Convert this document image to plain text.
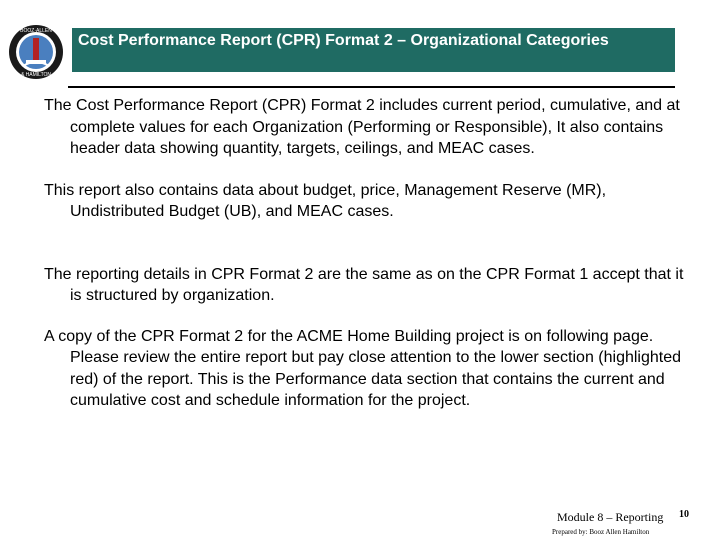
BOOZ·ALLEN
& HAMILTON
Cost Performance Report (CPR) Format 2 – Organizational Categories

The Cost Performance Report (CPR) Format 2 includes current period, cumulative, and at complete values for each Organization (Performing or Responsible), It also contains header data showing quantity, targets, ceilings, and MEAC cases.

This report also contains data about budget, price, Management Reserve (MR), Undistributed Budget (UB), and MEAC cases.

The reporting details in CPR Format 2 are the same as on the CPR Format 1 accept that it is structured by organization.

A copy of the CPR Format 2 for the ACME Home Building project is on following page. Please review the entire report but pay close attention to the lower section (highlighted red) of the report. This is the Performance data section that contains the current and cumulative cost and schedule information for the project.

Module 8 – Reporting 10
Prepared by: Booz Allen Hamilton
